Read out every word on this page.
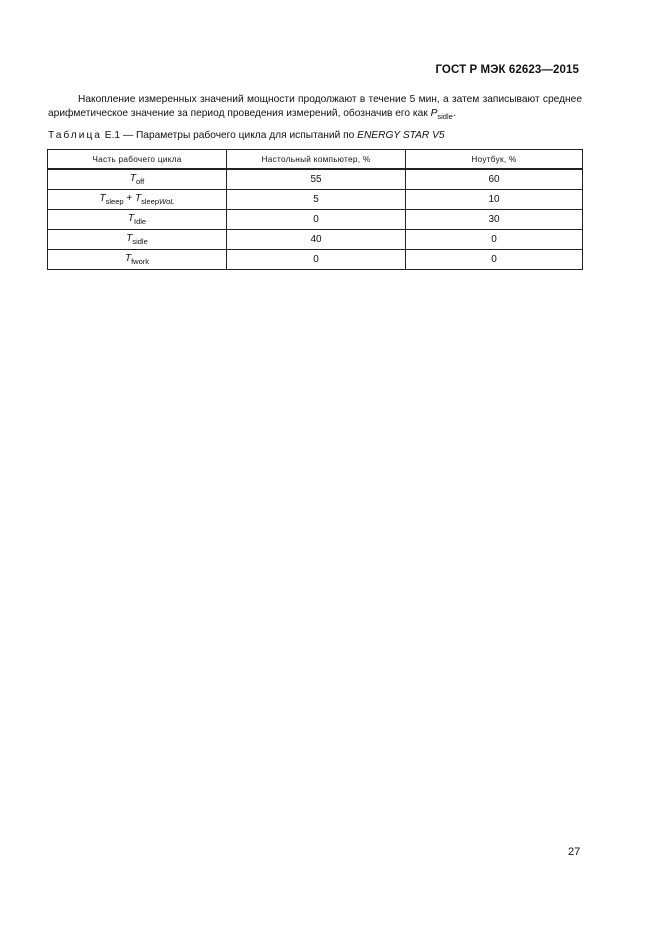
ГОСТ Р МЭК 62623—2015
Накопление измеренных значений мощности продолжают в течение 5 мин, а затем записывают среднее
арифметическое значение за период проведения измерений, обозначив его как $P_{sidle}$.
Таблица Е.1 — Параметры рабочего цикла для испытаний по ENERGY STAR V5
Часть рабочего цикла	Настольный компьютер, %	Ноутбук, %
$T_{off}$	55	60
$T_{sleep} + T_{sleepWoL}$	5	10
$T_{Idle}$	0	30
$T_{sidle}$	40	0
$T_{fwork}$	0	0
27
